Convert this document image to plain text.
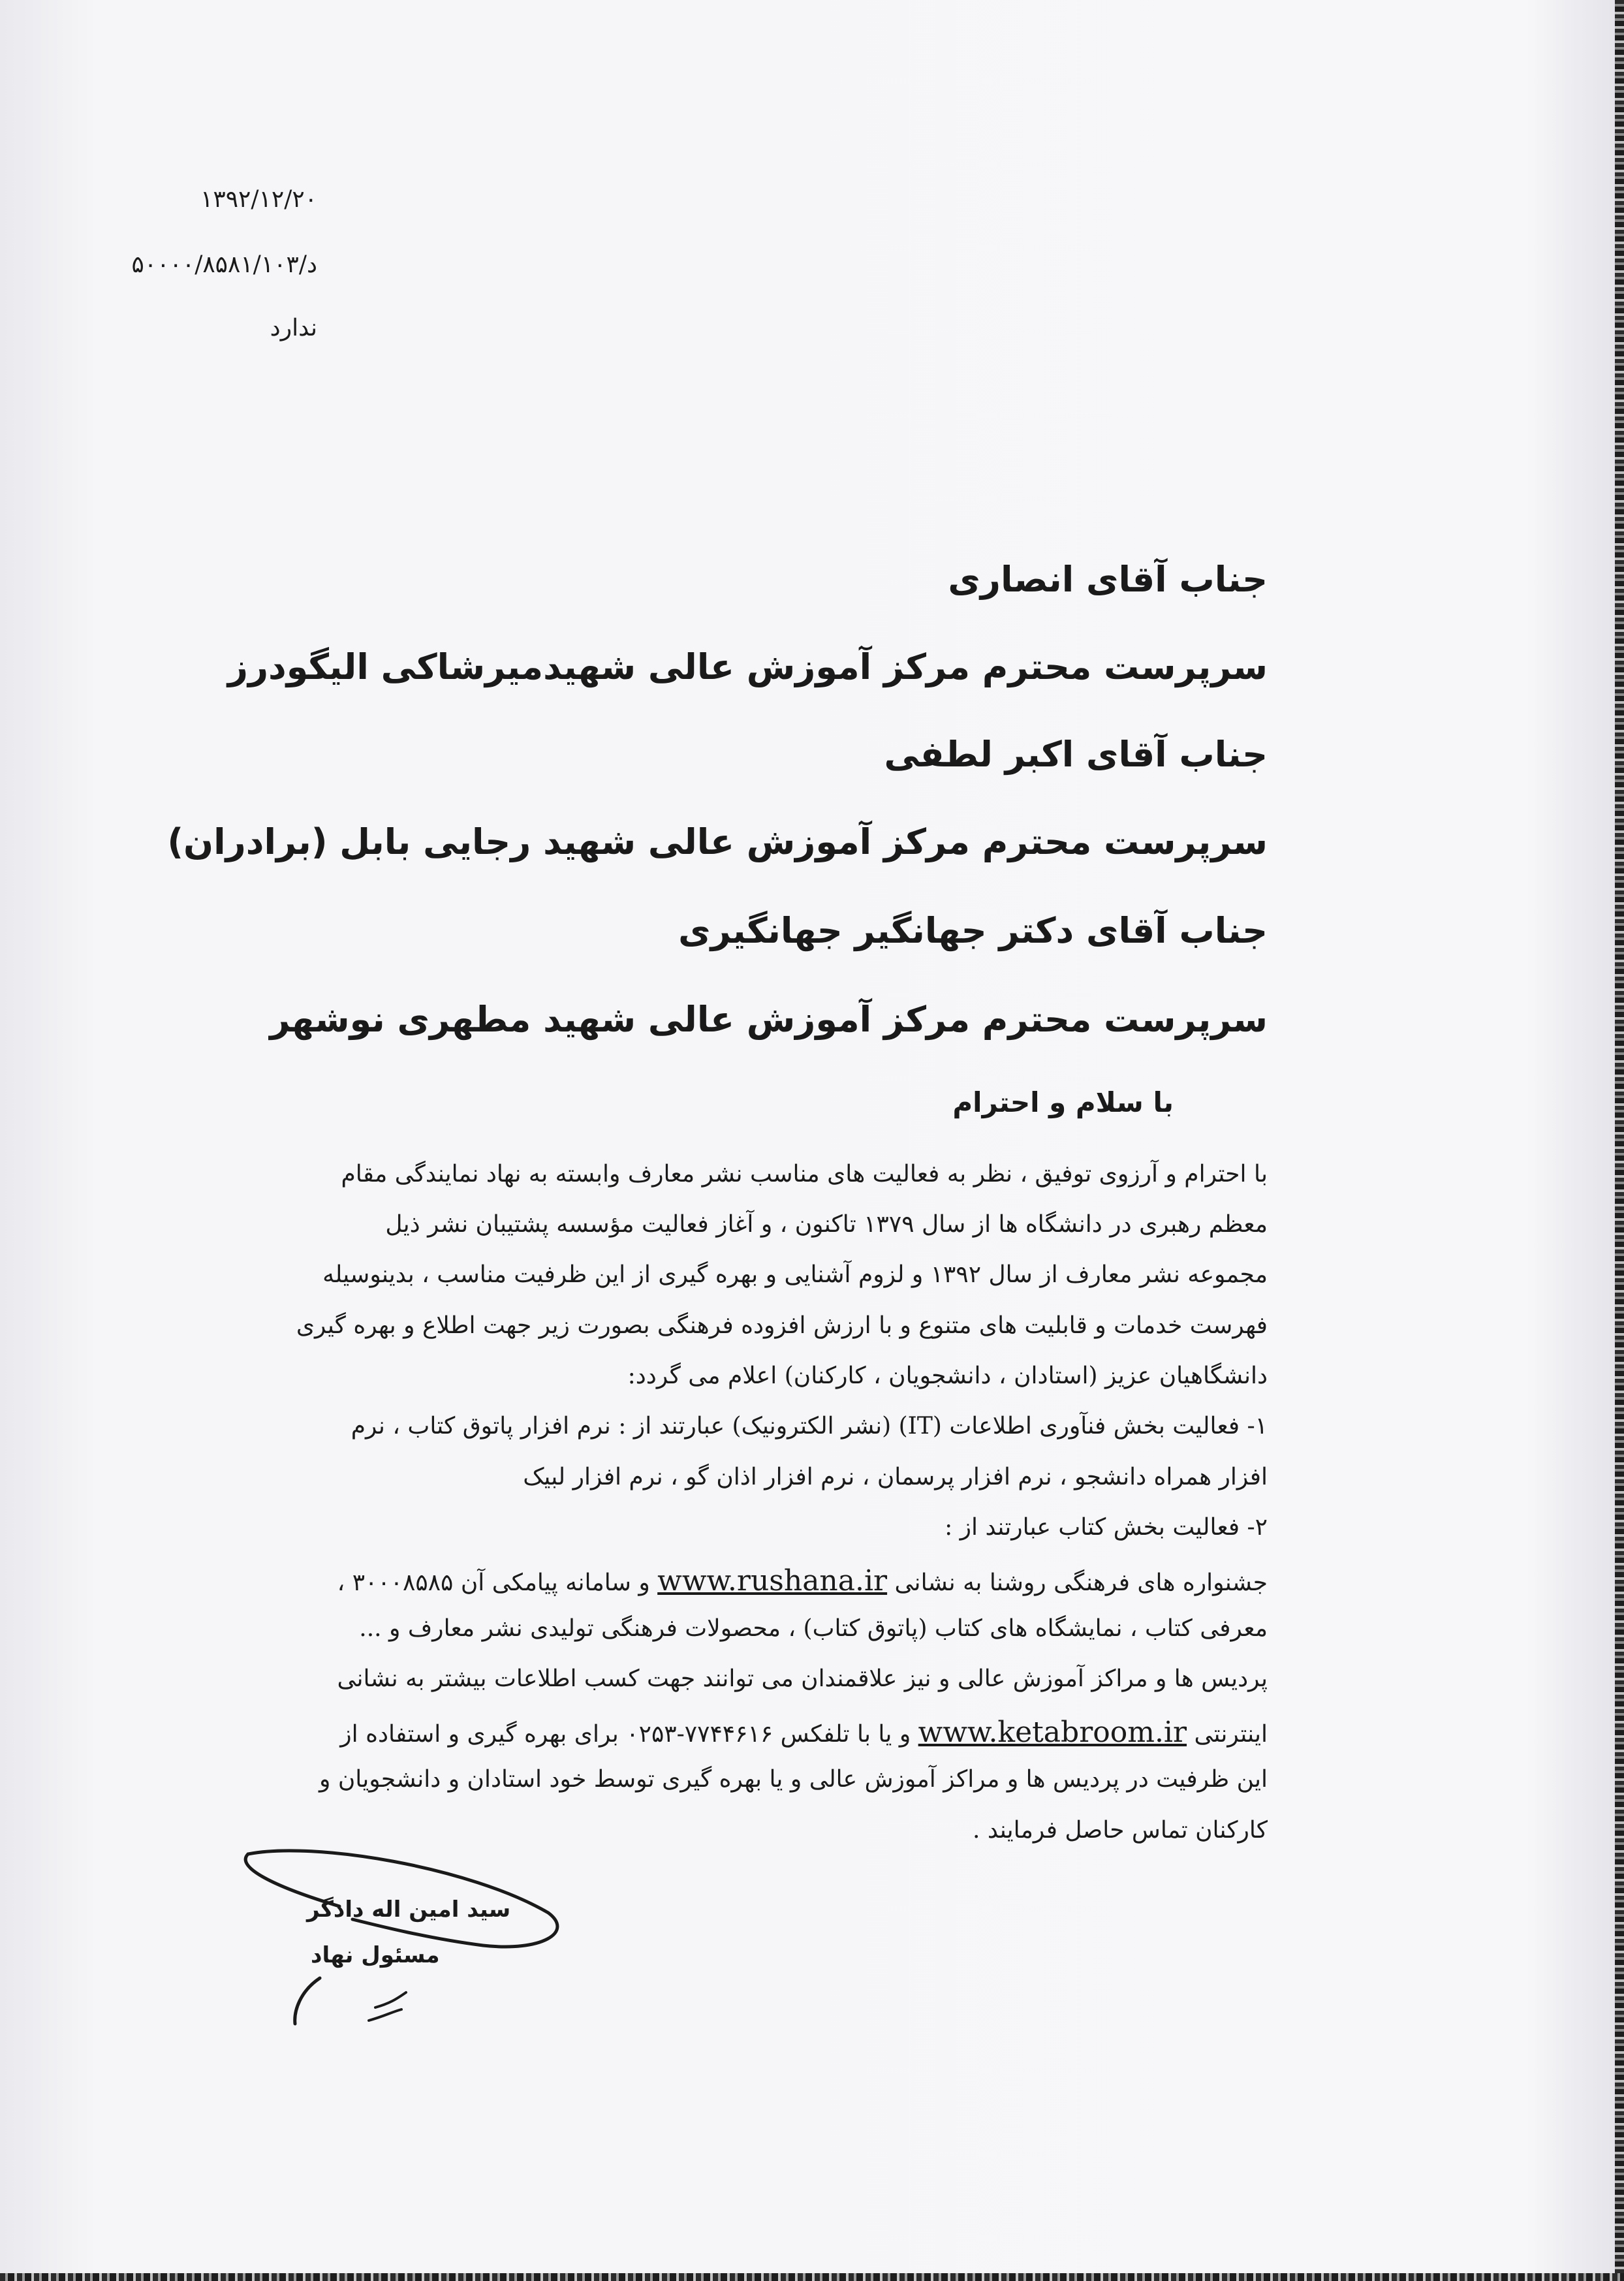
۱۳۹۲/۱۲/۲۰
د/۵۰۰۰۰/۸۵۸۱/۱۰۳
ندارد
جناب آقای انصاری
سرپرست محترم مرکز آموزش عالی شهیدمیرشاکی الیگودرز
جناب آقای اکبر لطفی
سرپرست محترم مرکز آموزش عالی شهید رجایی بابل (برادران)
جناب آقای دکتر جهانگیر جهانگیری
سرپرست محترم مرکز آموزش عالی شهید مطهری نوشهر
با سلام و احترام
با احترام و آرزوی توفیق ، نظر به فعالیت های مناسب نشر معارف وابسته به نهاد نمایندگی مقام
معظم رهبری در دانشگاه ها از سال ۱۳۷۹ تاکنون ، و آغاز فعالیت مؤسسه پشتیبان نشر ذیل
مجموعه نشر معارف از سال ۱۳۹۲ و لزوم آشنایی و بهره گیری از این ظرفیت مناسب ، بدینوسیله
فهرست خدمات و قابلیت های متنوع و با ارزش افزوده فرهنگی بصورت زیر جهت اطلاع و بهره گیری
دانشگاهیان عزیز (استادان ، دانشجویان ، کارکنان) اعلام می گردد:
۱- فعالیت بخش فنآوری اطلاعات (IT) (نشر الکترونیک) عبارتند از : نرم افزار پاتوق کتاب ، نرم
افزار همراه دانشجو ، نرم افزار پرسمان ، نرم افزار اذان گو ، نرم افزار لبیک
۲- فعالیت بخش کتاب عبارتند از :
جشنواره های فرهنگی روشنا به نشانی www.rushana.ir و سامانه پیامکی آن ۳۰۰۰۸۵۸۵ ،
معرفی کتاب ، نمایشگاه های کتاب (پاتوق کتاب) ، محصولات فرهنگی تولیدی نشر معارف و ...
پردیس ها و مراکز آموزش عالی و نیز علاقمندان می توانند جهت کسب اطلاعات بیشتر به نشانی
اینترنتی www.ketabroom.ir و یا با تلفکس ۷۷۴۴۶۱۶-۰۲۵۳ برای بهره گیری و استفاده از
این ظرفیت در پردیس ها و مراکز آموزش عالی و یا بهره گیری توسط خود استادان و دانشجویان و
کارکنان تماس حاصل فرمایند .
سید امین اله دادگر
مسئول نهاد
